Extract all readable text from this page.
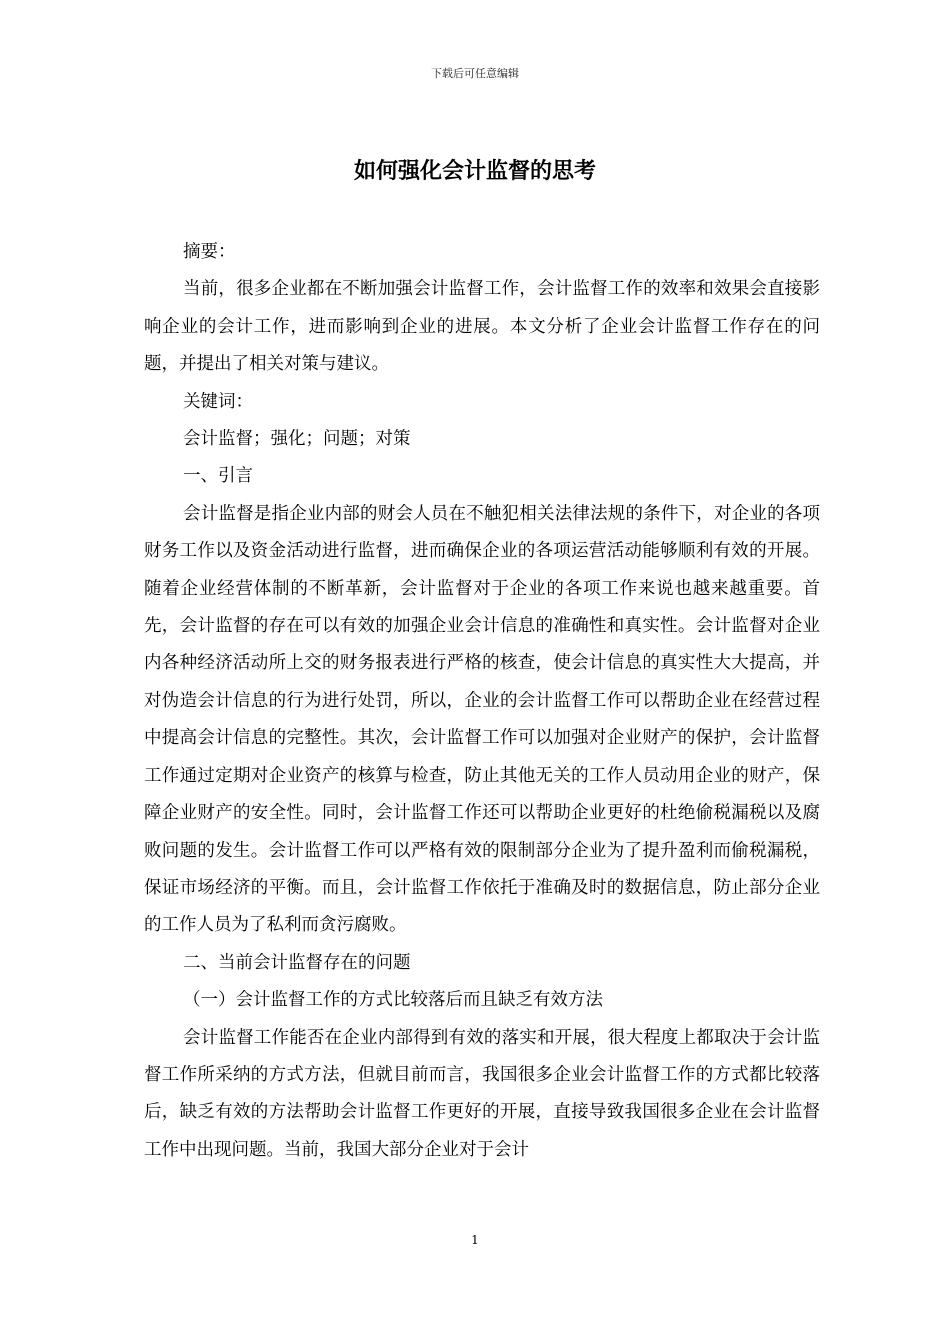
下载后可任意编辑
如何强化会计监督的思考

摘要：

当前，很多企业都在不断加强会计监督工作，会计监督工作的效率和效果会直接影响企业的会计工作，进而影响到企业的进展。本文分析了企业会计监督工作存在的问题，并提出了相关对策与建议。

关键词：

会计监督；强化；问题；对策

一、引言

会计监督是指企业内部的财会人员在不触犯相关法律法规的条件下，对企业的各项财务工作以及资金活动进行监督，进而确保企业的各项运营活动能够顺利有效的开展。随着企业经营体制的不断革新，会计监督对于企业的各项工作来说也越来越重要。首先，会计监督的存在可以有效的加强企业会计信息的准确性和真实性。会计监督对企业内各种经济活动所上交的财务报表进行严格的核查，使会计信息的真实性大大提高，并对伪造会计信息的行为进行处罚，所以，企业的会计监督工作可以帮助企业在经营过程中提高会计信息的完整性。其次，会计监督工作可以加强对企业财产的保护，会计监督工作通过定期对企业资产的核算与检查，防止其他无关的工作人员动用企业的财产，保障企业财产的安全性。同时，会计监督工作还可以帮助企业更好的杜绝偷税漏税以及腐败问题的发生。会计监督工作可以严格有效的限制部分企业为了提升盈利而偷税漏税，保证市场经济的平衡。而且，会计监督工作依托于准确及时的数据信息，防止部分企业的工作人员为了私利而贪污腐败。

二、当前会计监督存在的问题

（一）会计监督工作的方式比较落后而且缺乏有效方法

会计监督工作能否在企业内部得到有效的落实和开展，很大程度上都取决于会计监督工作所采纳的方式方法，但就目前而言，我国很多企业会计监督工作的方式都比较落后，缺乏有效的方法帮助会计监督工作更好的开展，直接导致我国很多企业在会计监督工作中出现问题。当前，我国大部分企业对于会计

1
